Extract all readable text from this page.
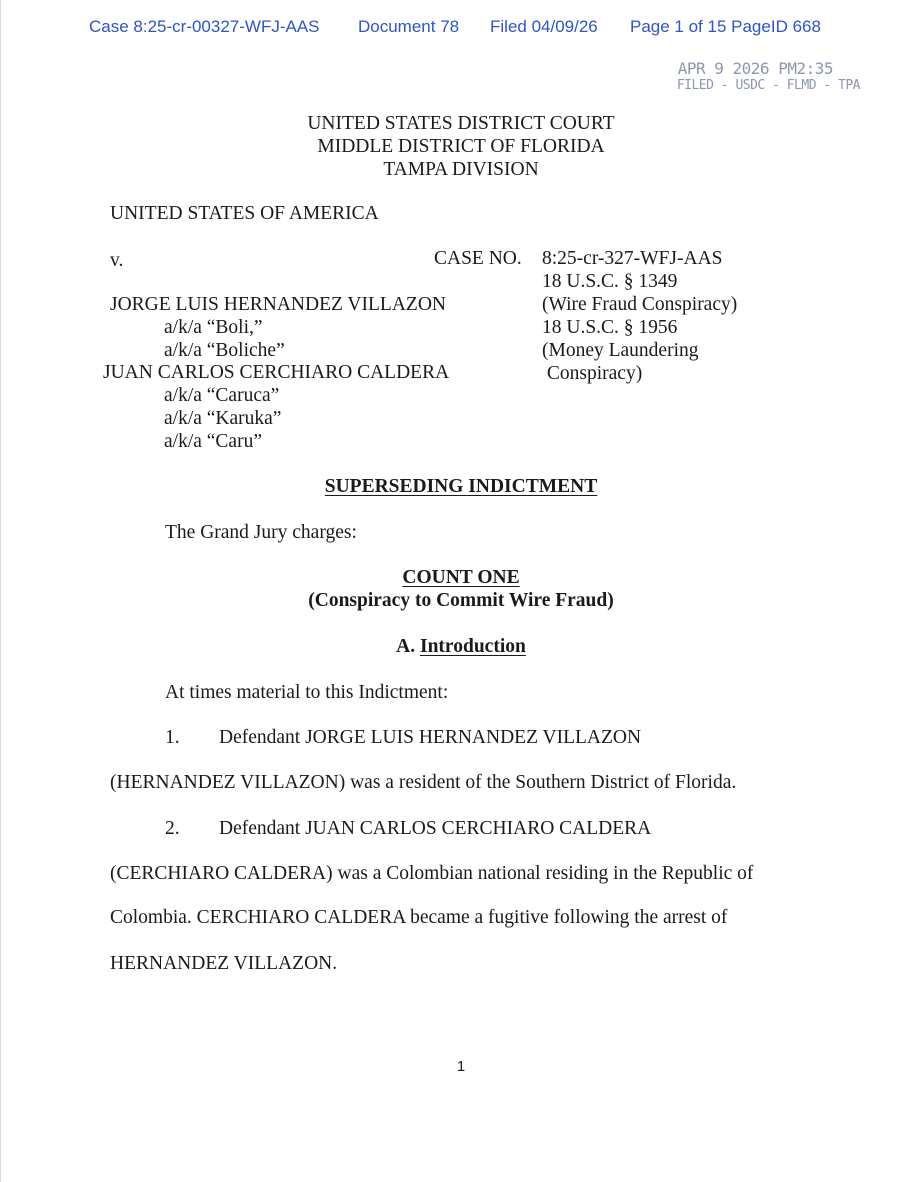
Case 8:25-cr-00327-WFJ-AAS Document 78 Filed 04/09/26 Page 1 of 15 PageID 668
APR 9 2026 PM2:35
FILED - USDC - FLMD - TPA
UNITED STATES DISTRICT COURT
MIDDLE DISTRICT OF FLORIDA
TAMPA DIVISION
UNITED STATES OF AMERICA
v.	CASE NO. 8:25-cr-327-WFJ-AAS
18 U.S.C. § 1349
(Wire Fraud Conspiracy)
18 U.S.C. § 1956
(Money Laundering
Conspiracy)
JORGE LUIS HERNANDEZ VILLAZON
a/k/a “Boli,”
a/k/a “Boliche”
JUAN CARLOS CERCHIARO CALDERA
a/k/a “Caruca”
a/k/a “Karuka”
a/k/a “Caru”
SUPERSEDING INDICTMENT
The Grand Jury charges:
COUNT ONE
(Conspiracy to Commit Wire Fraud)
A. Introduction
At times material to this Indictment:
1. Defendant JORGE LUIS HERNANDEZ VILLAZON
(HERNANDEZ VILLAZON) was a resident of the Southern District of Florida.
2. Defendant JUAN CARLOS CERCHIARO CALDERA
(CERCHIARO CALDERA) was a Colombian national residing in the Republic of
Colombia. CERCHIARO CALDERA became a fugitive following the arrest of
HERNANDEZ VILLAZON.
1
